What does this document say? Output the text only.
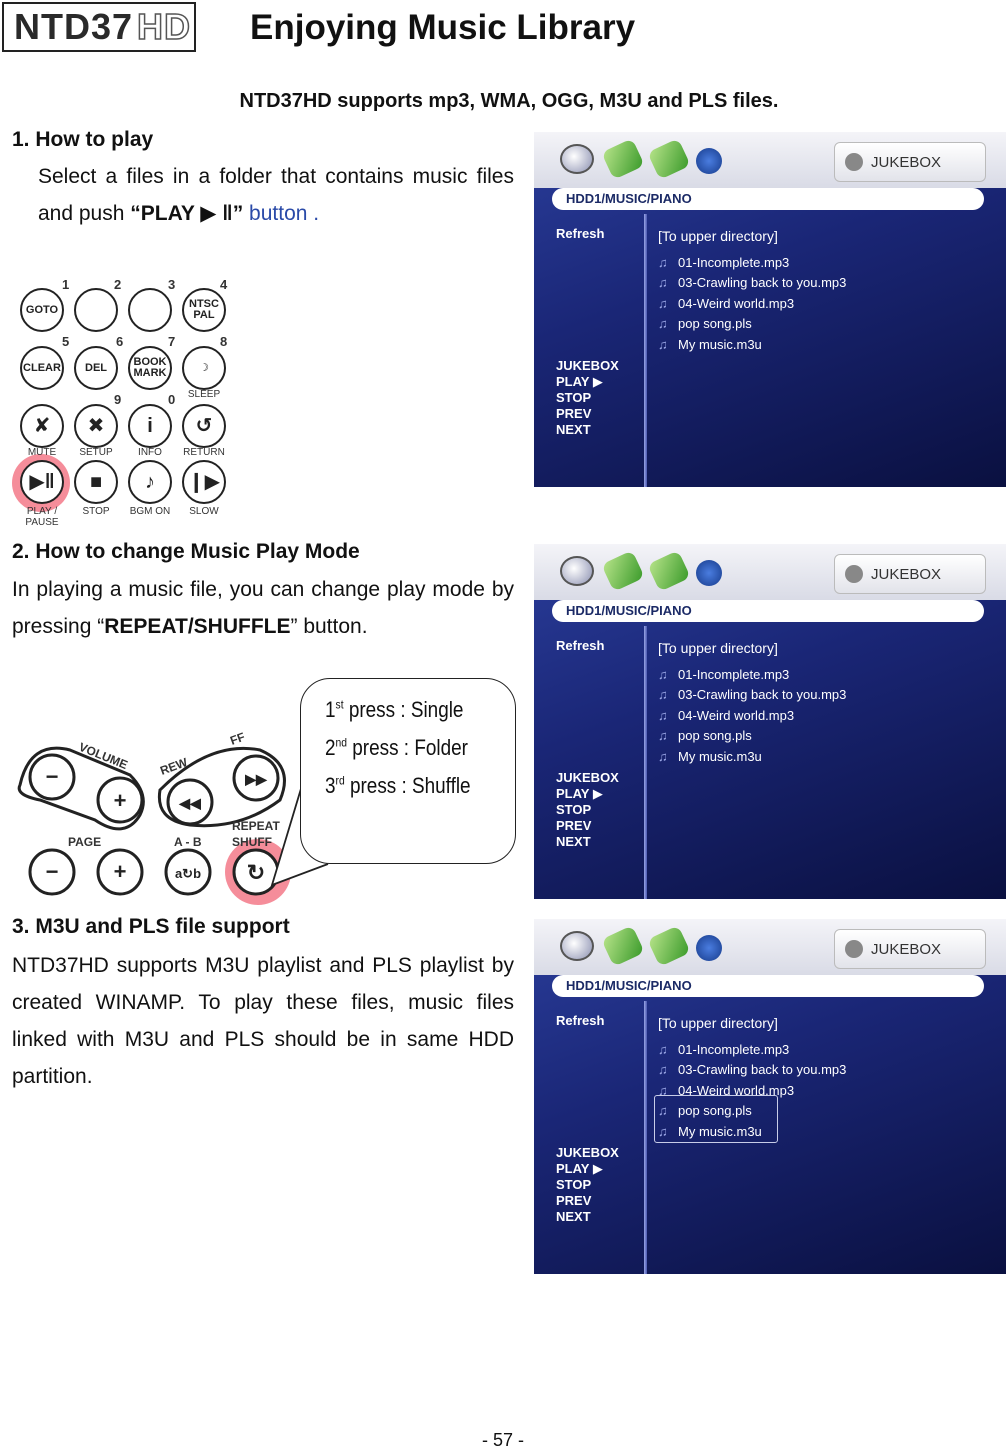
NTD37 HD Enjoying Music Library
NTD37HD supports mp3, WMA, OGG, M3U and PLS files.
1. How to play
Select a files in a folder that contains music files and push “PLAY ▶ ‖” button .
GOTO	NTSC
PAL
CLEAR	DEL	BOOK
MARK	☽
✘	✖	i	↺
▶‖	■	♪	❙▶
1	2	3	4
5	6	7	8
9	0
MUTE	SETUP	INFO	RETURN
PLAY / PAUSE
STOP	BGM ON	SLOW
SLEEP
JUKEBOX
HDD1/MUSIC/PIANO
Refresh
JUKEBOX
PLAY ▶
STOP
PREV
NEXT
[To upper directory]
♫ 01-Incomplete.mp3
♫ 03-Crawling back to you.mp3
♫ 04-Weird world.mp3
♫ pop song.pls
♫ My music.m3u
2. How to change Music Play Mode
In playing a music file, you can change play mode by pressing “REPEAT/SHUFFLE” button.
−
+	◀◀
▶▶
−	+	a↻b ↻
VOLUME REW
FF
PAGE	A - B
REPEAT
SHUFF
1st press : Single
2nd press : Folder
3rd press : Shuffle
JUKEBOX
HDD1/MUSIC/PIANO
Refresh
JUKEBOX
PLAY ▶
STOP
PREV
NEXT
[To upper directory]
♫ 01-Incomplete.mp3
♫ 03-Crawling back to you.mp3
♫ 04-Weird world.mp3
♫ pop song.pls
♫ My music.m3u
3. M3U and PLS file support
NTD37HD supports M3U playlist and PLS playlist by created WINAMP. To play these files, music files linked with M3U and PLS should be in same HDD partition.
JUKEBOX
HDD1/MUSIC/PIANO
Refresh
JUKEBOX
PLAY ▶
STOP
PREV
NEXT
[To upper directory]
♫ 01-Incomplete.mp3
♫ 03-Crawling back to you.mp3
♫ 04-Weird world.mp3
♫ pop song.pls
♫ My music.m3u
- 57 -
